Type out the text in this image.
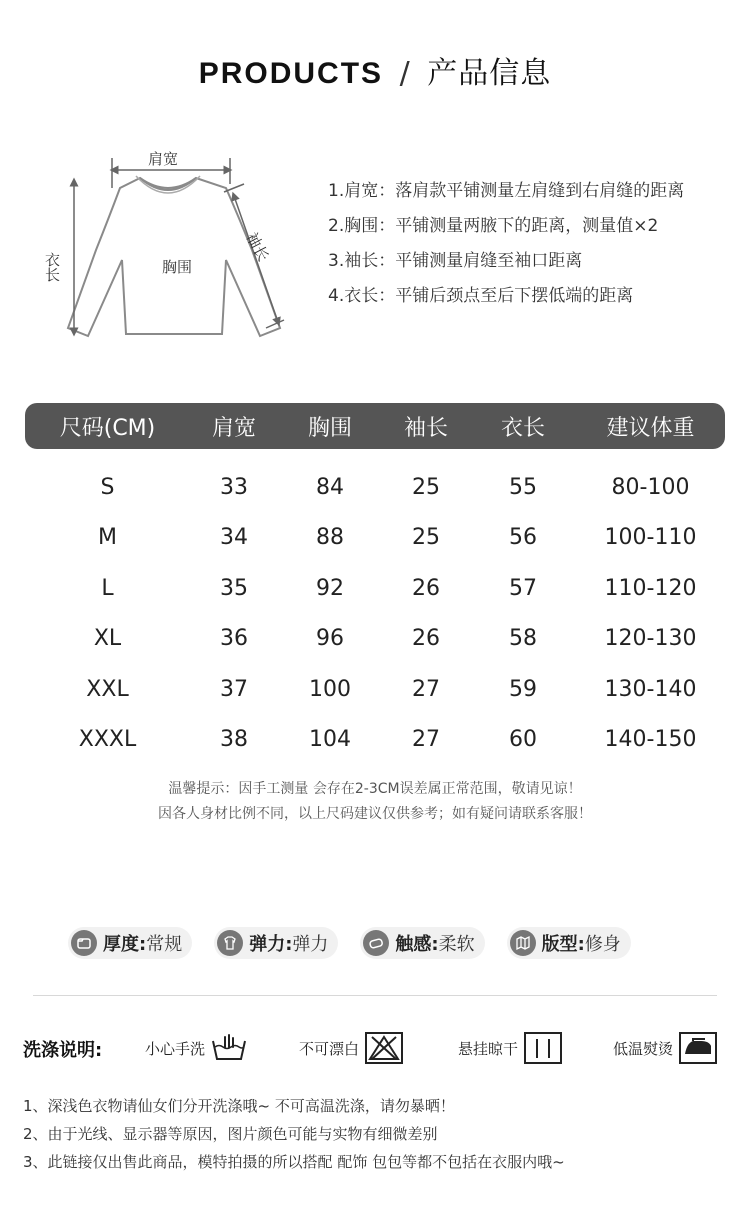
PRODUCTS / 产品信息
肩宽
胸围
衣长
袖长
1.肩宽：落肩款平铺测量左肩缝到右肩缝的距离
2.胸围：平铺测量两腋下的距离，测量值×2
3.袖长：平铺测量肩缝至袖口距离
4.衣长：平铺后颈点至后下摆低端的距离
尺码(CM)	肩宽	胸围	袖长	衣长	建议体重
S	33	84	25	55	80-100
M	34	88	25	56	100-110
L	35	92	26	57	110-120
XL	36	96	26	58	120-130
XXL	37	100	27	59	130-140
XXXL	38	104	27	60	140-150
温馨提示：因手工测量 会存在2-3CM误差属正常范围，敬请见谅！
因各人身材比例不同，以上尺码建议仅供参考；如有疑问请联系客服！
厚度: 常规	弹力: 弹力	触感: 柔软	版型: 修身
洗涤说明:	小心手洗	不可漂白	悬挂晾干	低温熨烫
1、深浅色衣物请仙女们分开洗涤哦~ 不可高温洗涤，请勿暴晒！
2、由于光线、显示器等原因，图片颜色可能与实物有细微差别
3、此链接仅出售此商品，模特拍摄的所以搭配 配饰 包包等都不包括在衣服内哦~
